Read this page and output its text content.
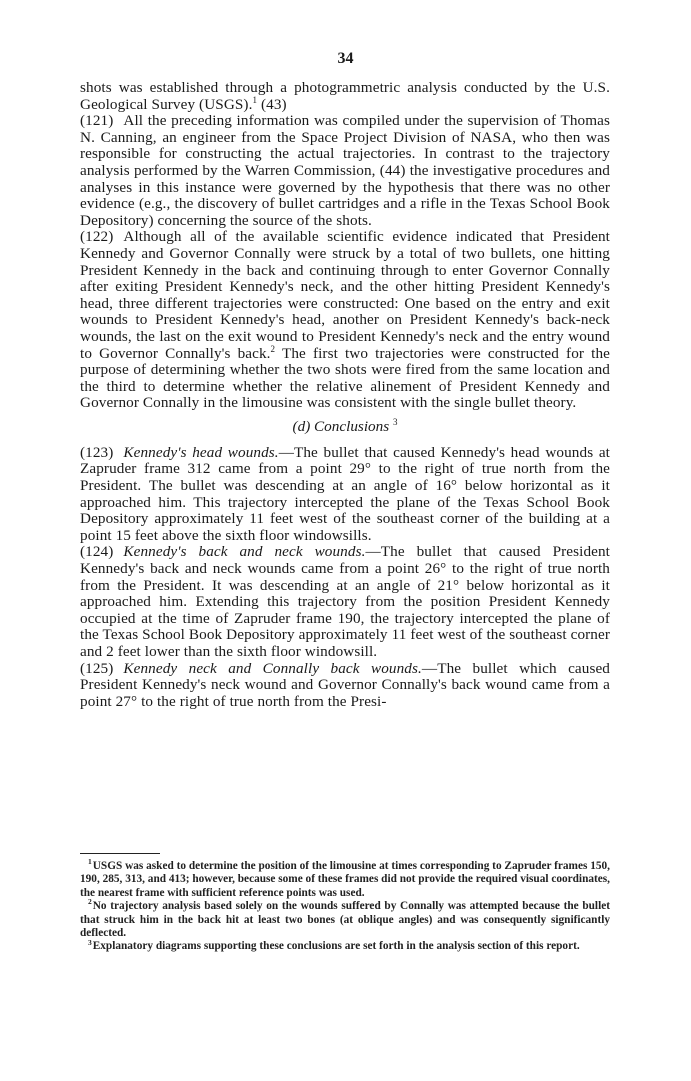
34

shots was established through a photogrammetric analysis conducted by the U.S. Geological Survey (USGS).$^1$ (43)

(121) All the preceding information was compiled under the supervision of Thomas N. Canning, an engineer from the Space Project Division of NASA, who then was responsible for constructing the actual trajectories. In contrast to the trajectory analysis performed by the Warren Commission, (44) the investigative procedures and analyses in this instance were governed by the hypothesis that there was no other evidence (e.g., the discovery of bullet cartridges and a rifle in the Texas School Book Depository) concerning the source of the shots.

(122) Although all of the available scientific evidence indicated that President Kennedy and Governor Connally were struck by a total of two bullets, one hitting President Kennedy in the back and continuing through to enter Governor Connally after exiting President Kennedy's neck, and the other hitting President Kennedy's head, three different trajectories were constructed: One based on the entry and exit wounds to President Kennedy's head, another on President Kennedy's back-neck wounds, the last on the exit wound to President Kennedy's neck and the entry wound to Governor Connally's back.$^2$ The first two trajectories were constructed for the purpose of determining whether the two shots were fired from the same location and the third to determine whether the relative alinement of President Kennedy and Governor Connally in the limousine was consistent with the single bullet theory.

(d) Conclusions $^3$

(123) Kennedy's head wounds.—The bullet that caused Kennedy's head wounds at Zapruder frame 312 came from a point 29° to the right of true north from the President. The bullet was descending at an angle of 16° below horizontal as it approached him. This trajectory intercepted the plane of the Texas School Book Depository approximately 11 feet west of the southeast corner of the building at a point 15 feet above the sixth floor windowsills.

(124) Kennedy's back and neck wounds.—The bullet that caused President Kennedy's back and neck wounds came from a point 26° to the right of true north from the President. It was descending at an angle of 21° below horizontal as it approached him. Extending this trajectory from the position President Kennedy occupied at the time of Zapruder frame 190, the trajectory intercepted the plane of the Texas School Book Depository approximately 11 feet west of the southeast corner and 2 feet lower than the sixth floor windowsill.

(125) Kennedy neck and Connally back wounds.—The bullet which caused President Kennedy's neck wound and Governor Connally's back wound came from a point 27° to the right of true north from the Presi-

$^1$USGS was asked to determine the position of the limousine at times corresponding to Zapruder frames 150, 190, 285, 313, and 413; however, because some of these frames did not provide the required visual coordinates, the nearest frame with sufficient reference points was used.

$^2$No trajectory analysis based solely on the wounds suffered by Connally was attempted because the bullet that struck him in the back hit at least two bones (at oblique angles) and was consequently significantly deflected.

$^3$Explanatory diagrams supporting these conclusions are set forth in the analysis section of this report.
